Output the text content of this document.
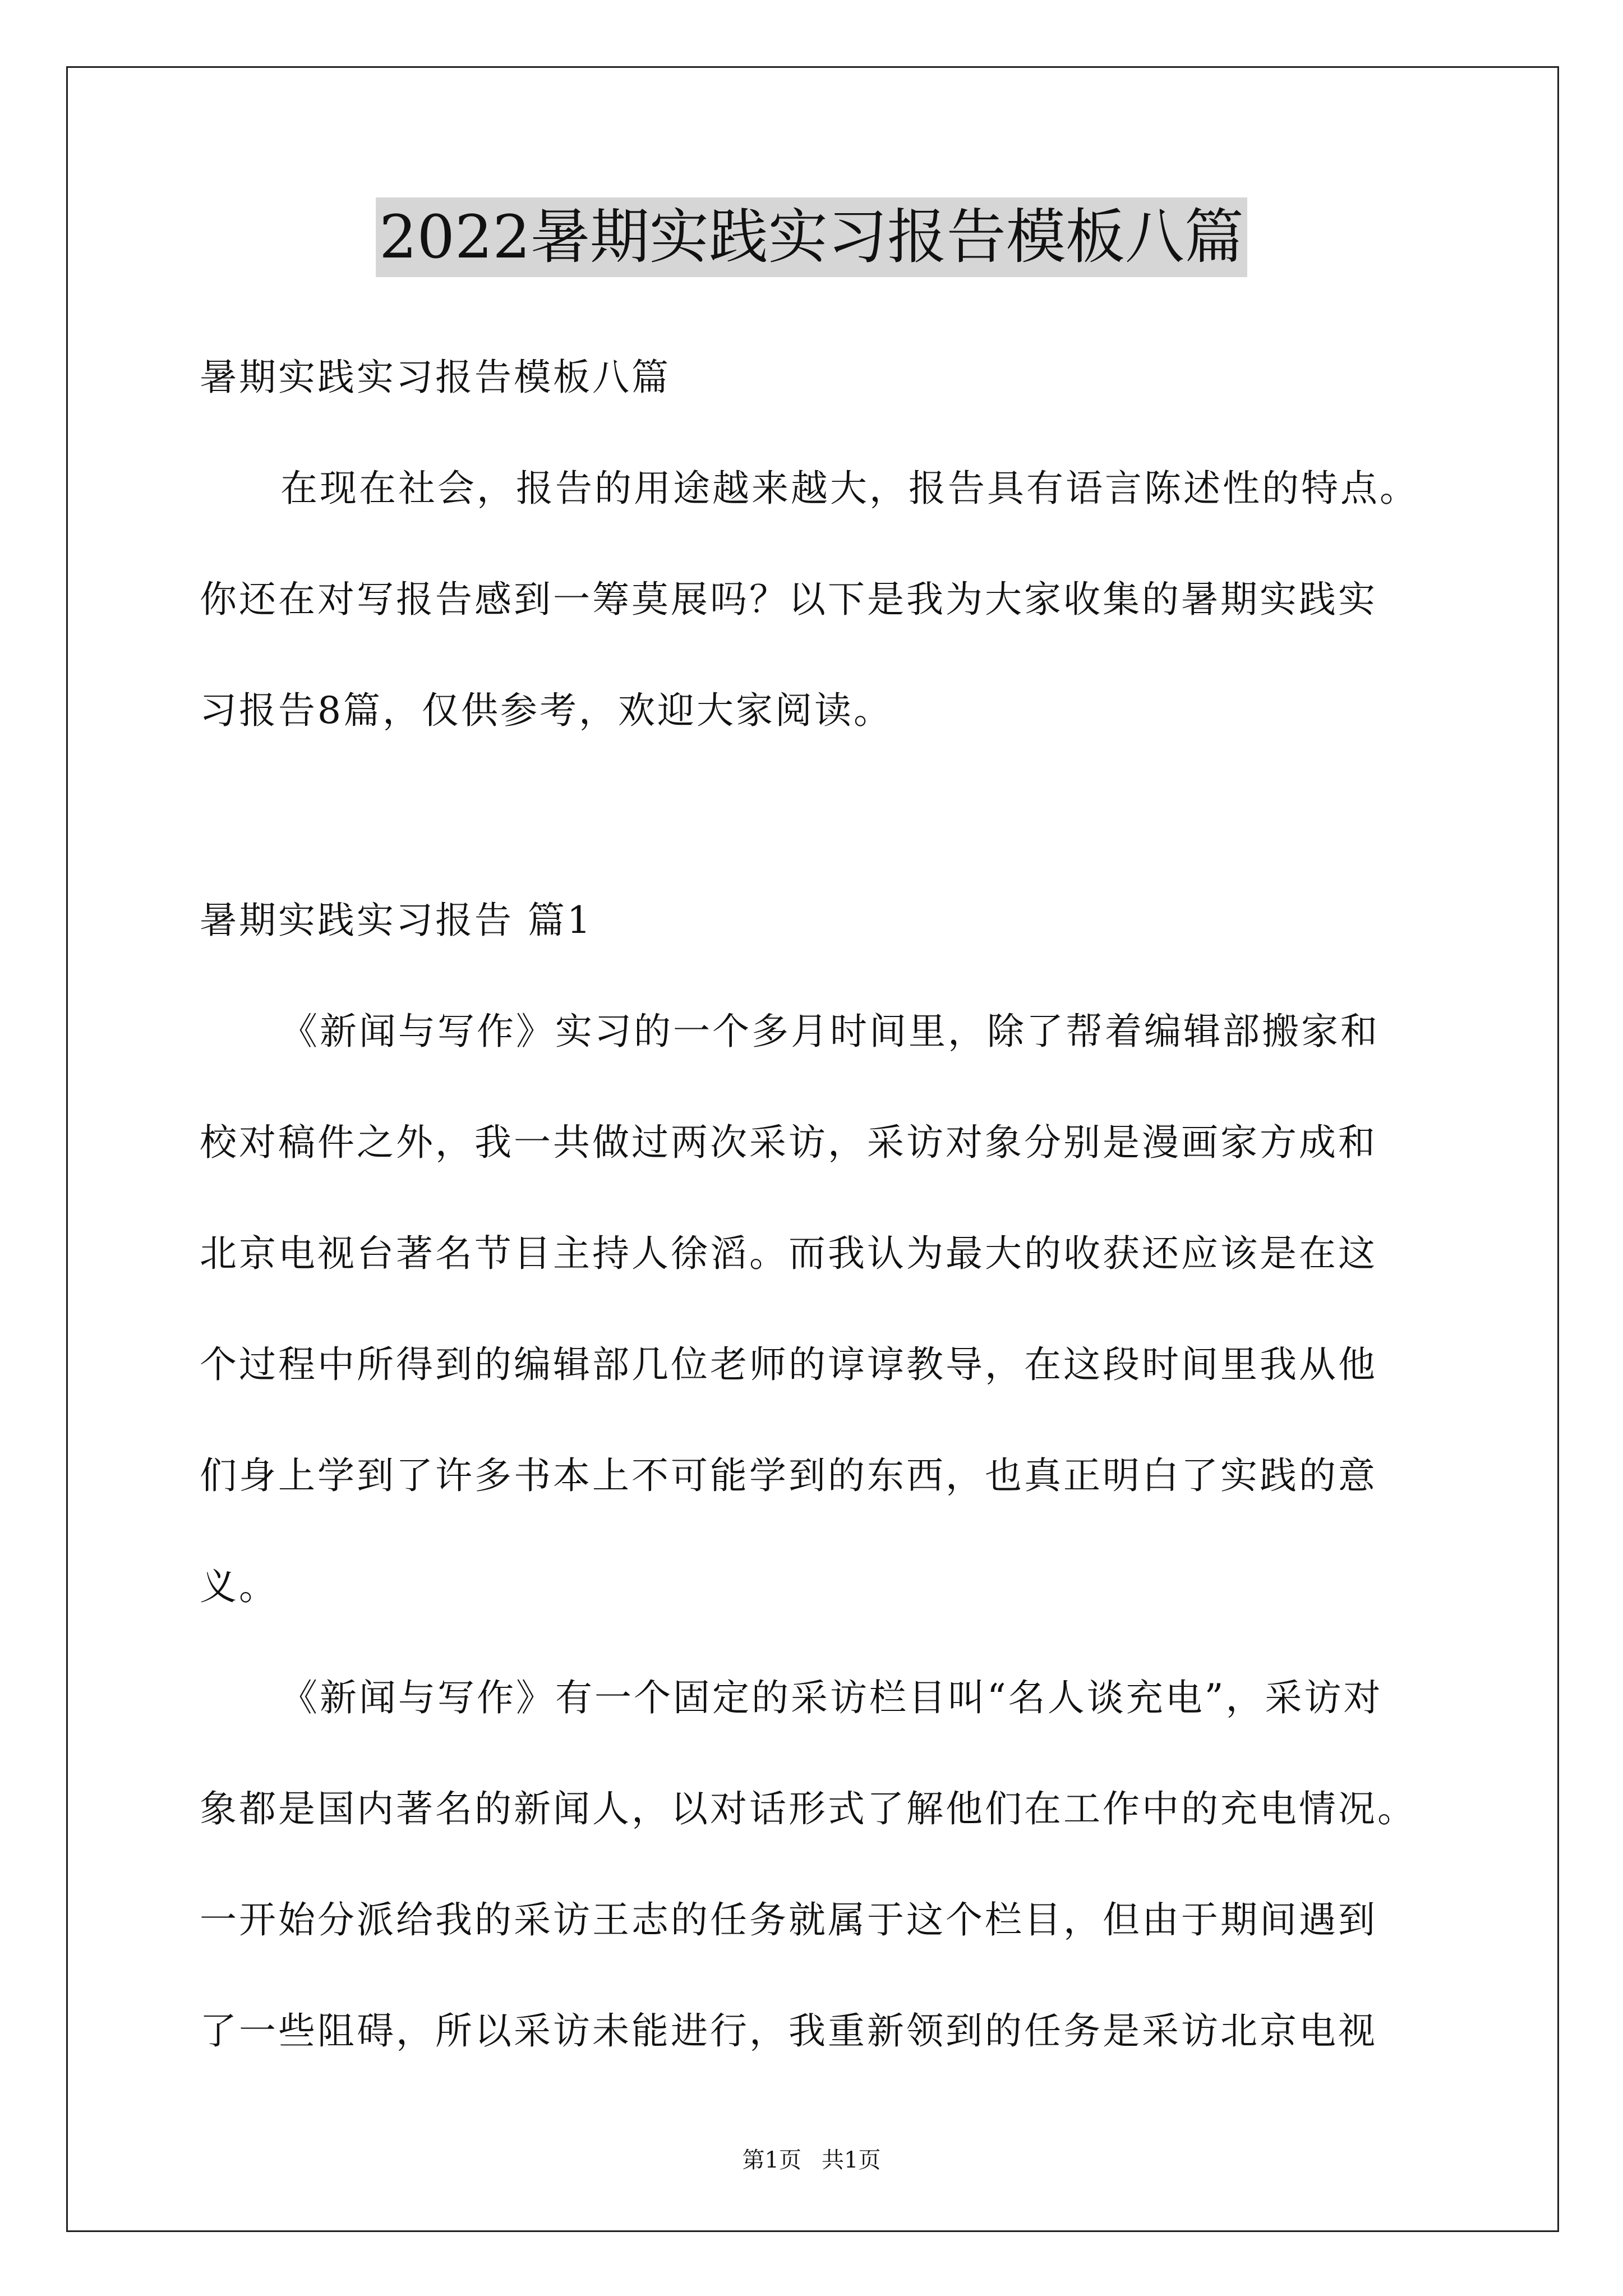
2022暑期实践实习报告模板八篇
暑期实践实习报告模板八篇
在现在社会，报告的用途越来越大，报告具有语言陈述性的特点。
你还在对写报告感到一筹莫展吗？以下是我为大家收集的暑期实践实
习报告8篇，仅供参考，欢迎大家阅读。
暑期实践实习报告 篇1
《新闻与写作》实习的一个多月时间里，除了帮着编辑部搬家和
校对稿件之外，我一共做过两次采访，采访对象分别是漫画家方成和
北京电视台著名节目主持人徐滔。而我认为最大的收获还应该是在这
个过程中所得到的编辑部几位老师的谆谆教导，在这段时间里我从他
们身上学到了许多书本上不可能学到的东西，也真正明白了实践的意
义。
《新闻与写作》有一个固定的采访栏目叫“名人谈充电”，采访对
象都是国内著名的新闻人，以对话形式了解他们在工作中的充电情况。
一开始分派给我的采访王志的任务就属于这个栏目，但由于期间遇到
了一些阻碍，所以采访未能进行，我重新领到的任务是采访北京电视
第1页 共1页
